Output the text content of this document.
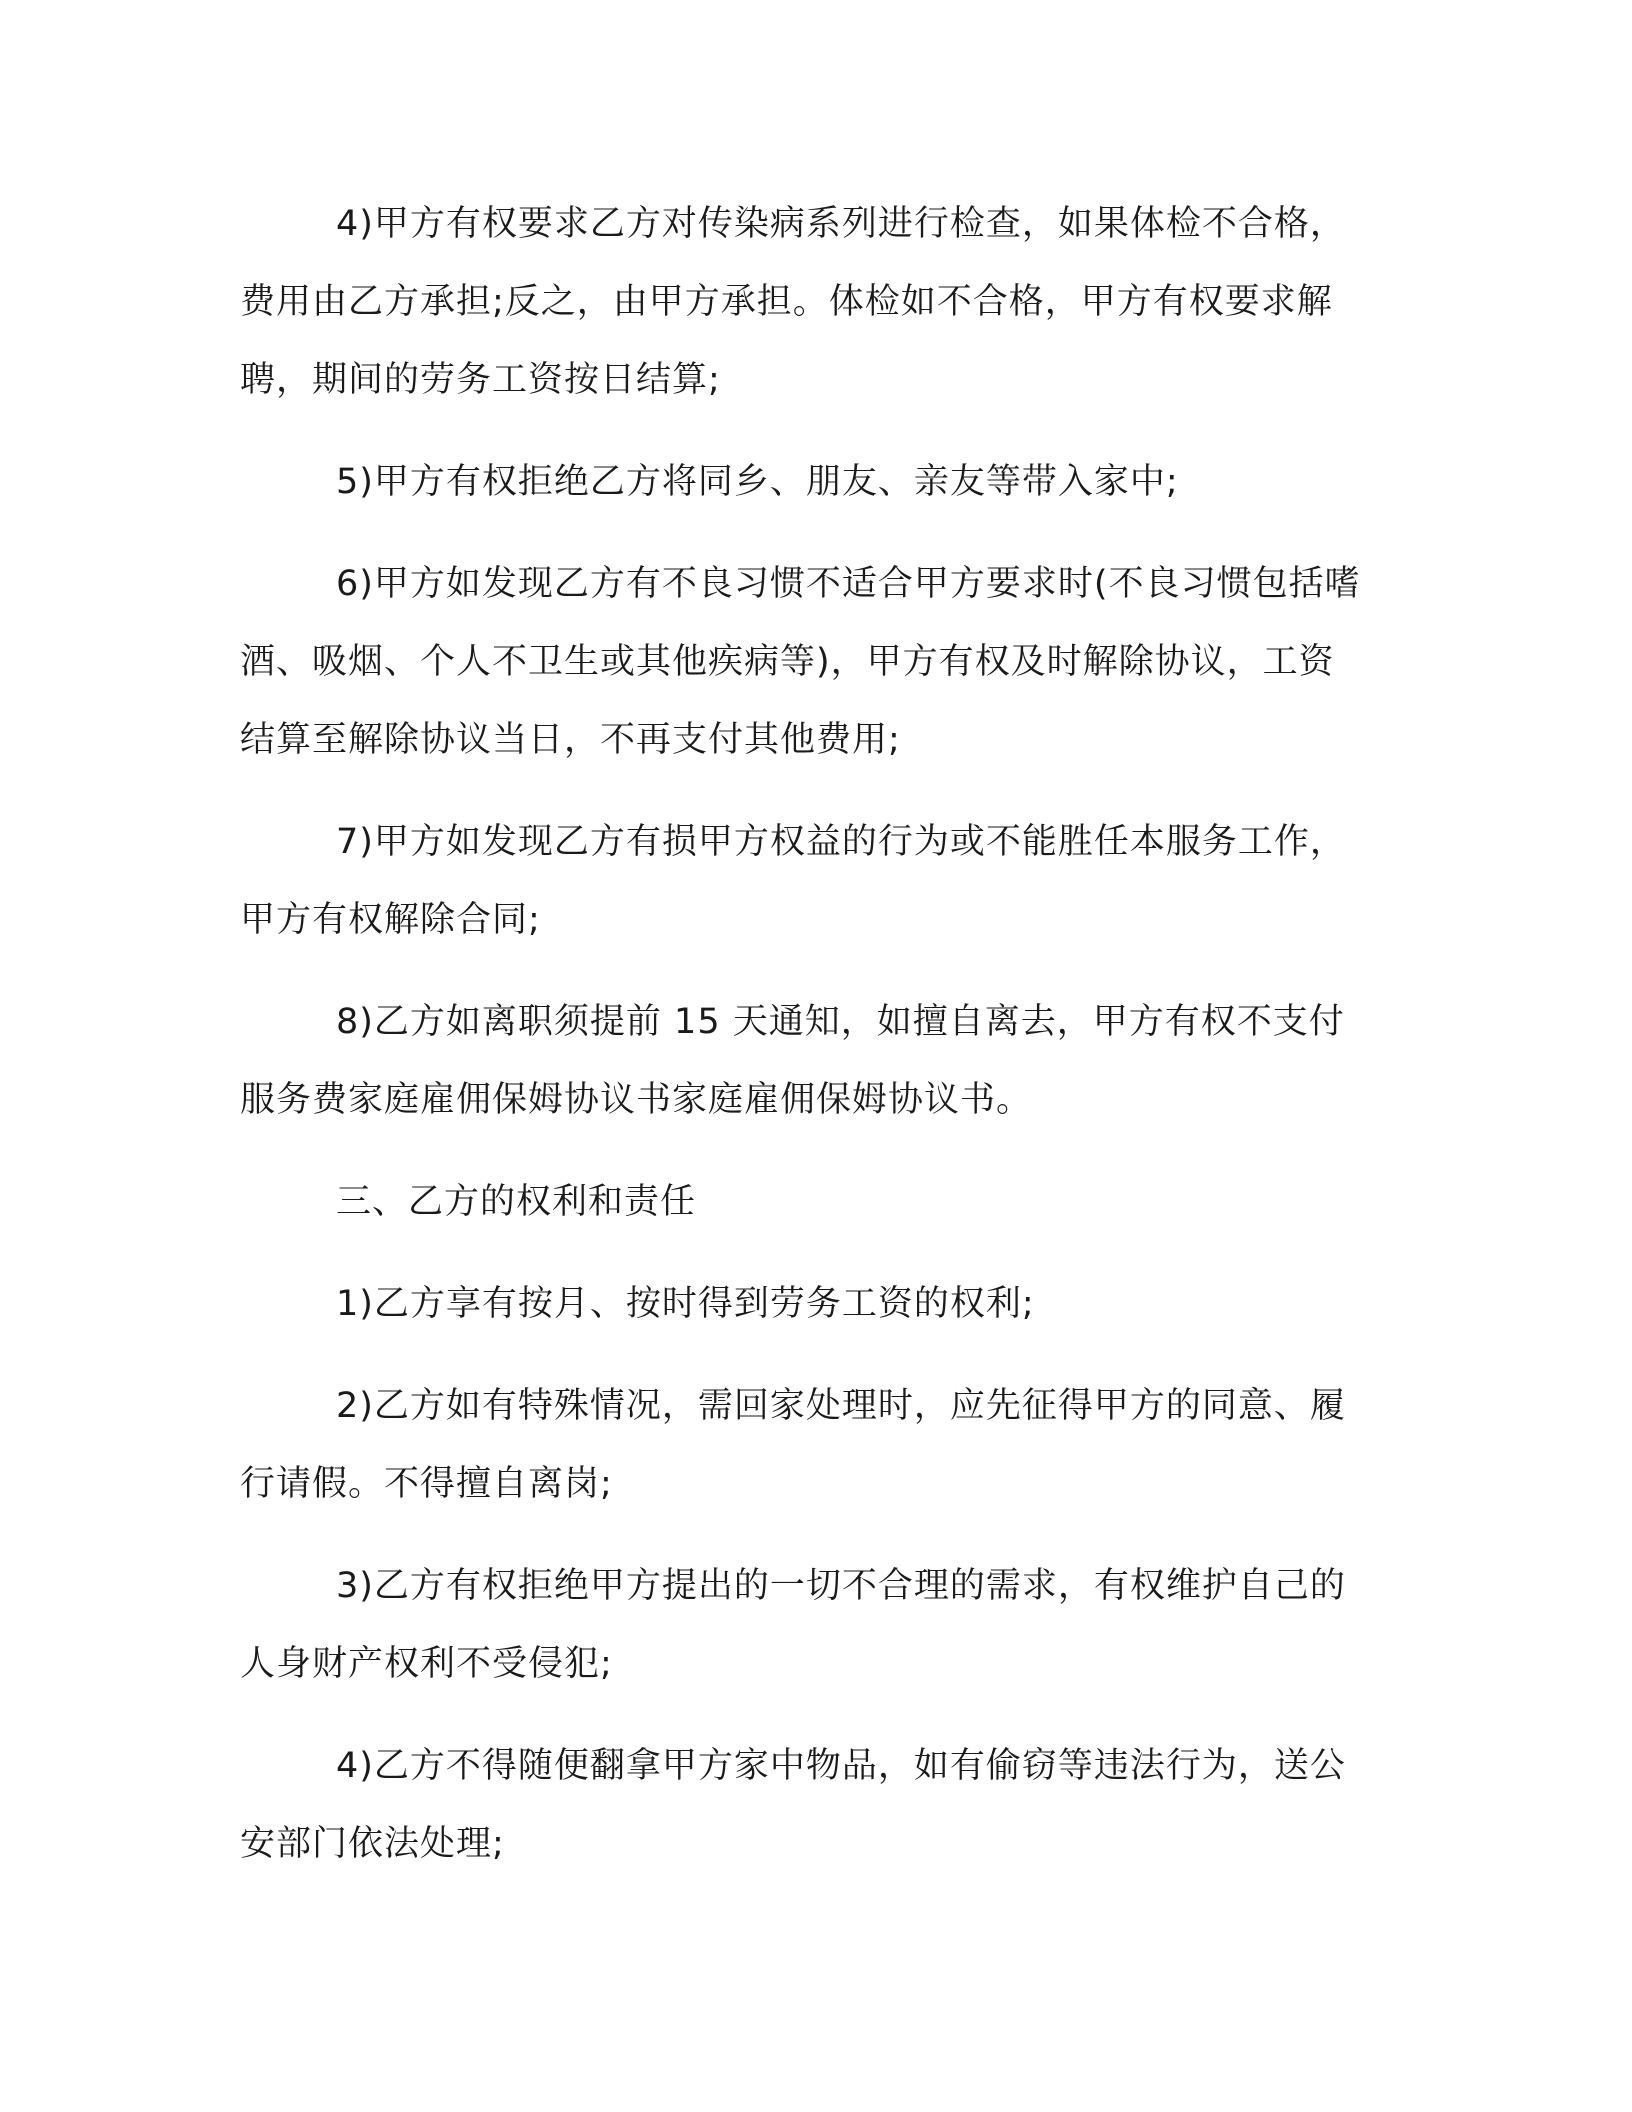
4)甲方有权要求乙方对传染病系列进行检查，如果体检不合格，
费用由乙方承担;反之，由甲方承担。体检如不合格，甲方有权要求解
聘，期间的劳务工资按日结算;

5)甲方有权拒绝乙方将同乡、朋友、亲友等带入家中;

6)甲方如发现乙方有不良习惯不适合甲方要求时(不良习惯包括嗜
酒、吸烟、个人不卫生或其他疾病等)，甲方有权及时解除协议，工资
结算至解除协议当日，不再支付其他费用;

7)甲方如发现乙方有损甲方权益的行为或不能胜任本服务工作，
甲方有权解除合同;

8)乙方如离职须提前 15 天通知，如擅自离去，甲方有权不支付
服务费家庭雇佣保姆协议书家庭雇佣保姆协议书。

三、乙方的权利和责任

1)乙方享有按月、按时得到劳务工资的权利;

2)乙方如有特殊情况，需回家处理时，应先征得甲方的同意、履
行请假。不得擅自离岗;

3)乙方有权拒绝甲方提出的一切不合理的需求，有权维护自己的
人身财产权利不受侵犯;

4)乙方不得随便翻拿甲方家中物品，如有偷窃等违法行为，送公
安部门依法处理;
